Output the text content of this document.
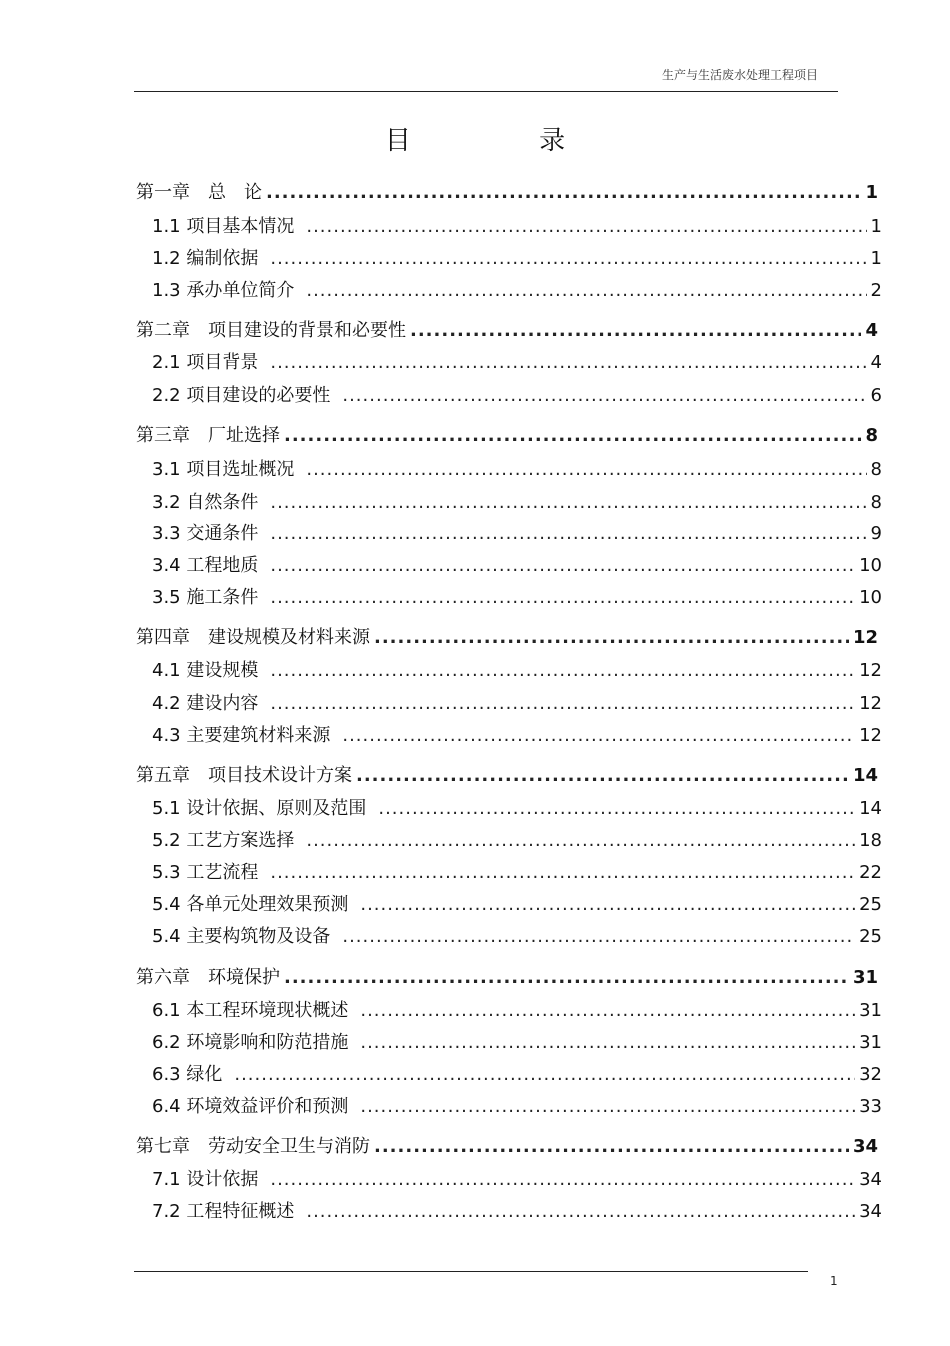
生产与生活废水处理工程项目
目 录
第一章　总　论 .....	1
1.1 项目基本情况 .....	1
1.2 编制依据 .....	1
1.3 承办单位简介 .....	2
第二章　项目建设的背景和必要性 .....	4
2.1 项目背景 .....	4
2.2 项目建设的必要性 .....	6
第三章　厂址选择 .....	8
3.1 项目选址概况 .....	8
3.2 自然条件 .....	8
3.3 交通条件 .....	9
3.4 工程地质 .....	10
3.5 施工条件 .....	10
第四章　建设规模及材料来源 .....	12
4.1 建设规模 .....	12
4.2 建设内容 .....	12
4.3 主要建筑材料来源 .....	12
第五章　项目技术设计方案 .....	14
5.1 设计依据、原则及范围 .....	14
5.2 工艺方案选择 .....	18
5.3 工艺流程 .....	22
5.4 各单元处理效果预测 .....	25
5.4 主要构筑物及设备 .....	25
第六章　环境保护 .....	31
6.1 本工程环境现状概述 .....	31
6.2 环境影响和防范措施 .....	31
6.3 绿化 .....	32
6.4 环境效益评价和预测 .....	33
第七章　劳动安全卫生与消防 .....	34
7.1 设计依据 .....	34
7.2 工程特征概述 .....	34
1
